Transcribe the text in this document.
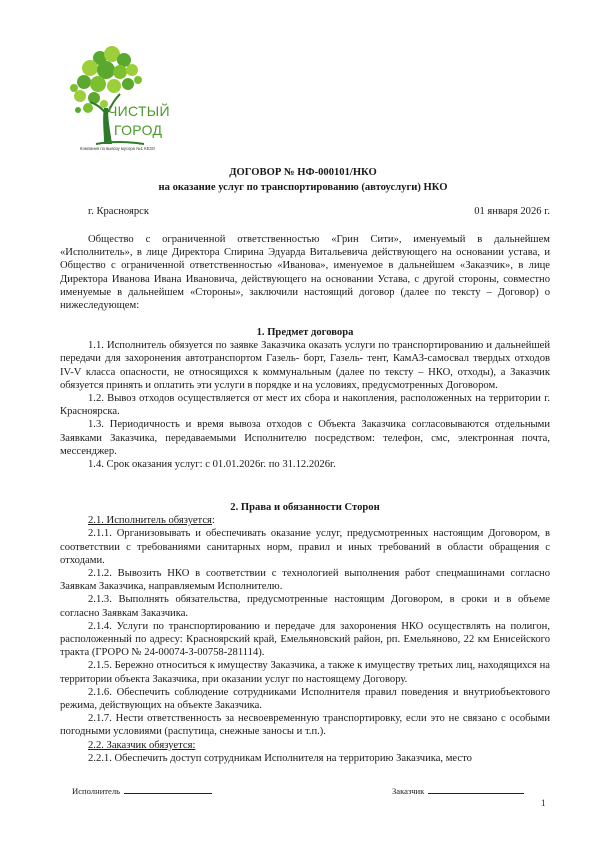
ЧИСТЫЙ
ГОРОД
Компания по вывозу мусора №1 КЕЗО
ДОГОВОР № НФ-000101/НКО
на оказание услуг по транспортированию (автоуслуги) НКО
г. Красноярск	01 января 2026 г.

Общество с ограниченной ответственностью «Грин Сити», именуемый в дальнейшем «Исполнитель», в лице Директора Спирина Эдуарда Витальевича действующего на основании устава, и Общество с ограниченной ответственностью «Иванова», именуемое в дальнейшем «Заказчик», в лице Директора Иванова Ивана Ивановича, действующего на основании Устава, с другой стороны, совместно именуемые в дальнейшем «Стороны», заключили настоящий договор (далее по тексту – Договор) о нижеследующем:

1. Предмет договора

1.1. Исполнитель обязуется по заявке Заказчика оказать услуги по транспортированию и дальнейшей передачи для захоронения автотранспортом Газель- борт, Газель- тент, КамАЗ-самосвал твердых отходов IV-V класса опасности, не относящихся к коммунальным (далее по тексту – НКО, отходы), а Заказчик обязуется принять и оплатить эти услуги в порядке и на условиях, предусмотренных Договором.

1.2. Вывоз отходов осуществляется от мест их сбора и накопления, расположенных на территории г. Красноярска.

1.3. Периодичность и время вывоза отходов с Объекта Заказчика согласовываются отдельными Заявками Заказчика, передаваемыми Исполнителю посредством: телефон, смс, электронная почта, мессенджер.

1.4. Срок оказания услуг: с 01.01.2026г. по 31.12.2026г.

2. Права и обязанности Сторон

2.1. Исполнитель обязуется:

2.1.1. Организовывать и обеспечивать оказание услуг, предусмотренных настоящим Договором, в соответствии с требованиями санитарных норм, правил и иных требований в области обращения с отходами.

2.1.2. Вывозить НКО в соответствии с технологией выполнения работ спецмашинами согласно Заявкам Заказчика, направляемым Исполнителю.

2.1.3. Выполнять обязательства, предусмотренные настоящим Договором, в сроки и в объеме согласно Заявкам Заказчика.

2.1.4. Услуги по транспортированию и передаче для захоронения НКО осуществлять на полигон, расположенный по адресу: Красноярский край, Емельяновский район, рп. Емельяново, 22 км Енисейского тракта (ГРОРО № 24-00074-З-00758-281114).

2.1.5. Бережно относиться к имуществу Заказчика, а также к имуществу третьих лиц, находящихся на территории объекта Заказчика, при оказании услуг по настоящему Договору.

2.1.6. Обеспечить соблюдение сотрудниками Исполнителя правил поведения и внутриобъектового режима, действующих на объекте Заказчика.

2.1.7. Нести ответственность за несвоевременную транспортировку, если это не связано с особыми погодными условиями (распутица, снежные заносы и т.п.).

2.2. Заказчик обязуется:

2.2.1. Обеспечить доступ сотрудникам Исполнителя на территорию Заказчика, место

Исполнитель	Заказчик
1
